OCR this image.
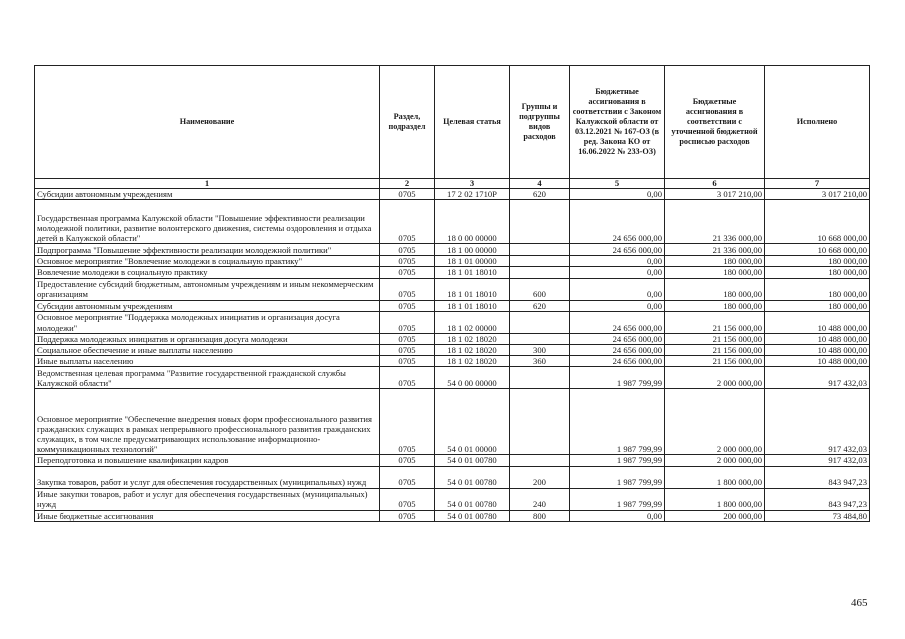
Наименование	Раздел, подраздел	Целевая статья	Группы и подгруппы видов расходов	Бюджетные ассигнования в соответствии с Законом Калужской области от 03.12.2021 № 167-ОЗ (в ред. Закона КО от 16.06.2022 № 233-ОЗ)	Бюджетные ассигнования в соответствии с уточненной бюджетной росписью расходов	Исполнено
1	2	3	4	5	6	7
Субсидии автономным учреждениям	0705	17 2 02 1710P	620	0,00	3 017 210,00	3 017 210,00
Государственная программа Калужской области "Повышение эффективности реализации молодежной политики, развитие волонтерского движения, системы оздоровления и отдыха детей в Калужской области"	0705	18 0 00 00000		24 656 000,00	21 336 000,00	10 668 000,00
Подпрограмма "Повышение эффективности реализации молодежной политики"	0705	18 1 00 00000		24 656 000,00	21 336 000,00	10 668 000,00
Основное мероприятие "Вовлечение молодежи в социальную практику"	0705	18 1 01 00000		0,00	180 000,00	180 000,00
Вовлечение молодежи в социальную практику	0705	18 1 01 18010		0,00	180 000,00	180 000,00
Предоставление субсидий бюджетным, автономным учреждениям и иным некоммерческим организациям	0705	18 1 01 18010	600	0,00	180 000,00	180 000,00
Субсидии автономным учреждениям	0705	18 1 01 18010	620	0,00	180 000,00	180 000,00
Основное мероприятие "Поддержка молодежных инициатив и организация досуга молодежи"	0705	18 1 02 00000		24 656 000,00	21 156 000,00	10 488 000,00
Поддержка молодежных инициатив и организация досуга молодежи	0705	18 1 02 18020		24 656 000,00	21 156 000,00	10 488 000,00
Социальное обеспечение и иные выплаты населению	0705	18 1 02 18020	300	24 656 000,00	21 156 000,00	10 488 000,00
Иные выплаты населению	0705	18 1 02 18020	360	24 656 000,00	21 156 000,00	10 488 000,00
Ведомственная целевая программа "Развитие государственной гражданской службы Калужской области"	0705	54 0 00 00000		1 987 799,99	2 000 000,00	917 432,03
Основное мероприятие "Обеспечение внедрения новых форм профессионального развития гражданских служащих в рамках непрерывного профессионального развития гражданских служащих, в том числе предусматривающих использование информационно-коммуникационных технологий"	0705	54 0 01 00000		1 987 799,99	2 000 000,00	917 432,03
Переподготовка и повышение квалификации кадров	0705	54 0 01 00780		1 987 799,99	2 000 000,00	917 432,03
Закупка товаров, работ и услуг для обеспечения государственных (муниципальных) нужд	0705	54 0 01 00780	200	1 987 799,99	1 800 000,00	843 947,23
Иные закупки товаров, работ и услуг для обеспечения государственных (муниципальных) нужд	0705	54 0 01 00780	240	1 987 799,99	1 800 000,00	843 947,23
Иные бюджетные ассигнования	0705	54 0 01 00780	800	0,00	200 000,00	73 484,80
465
